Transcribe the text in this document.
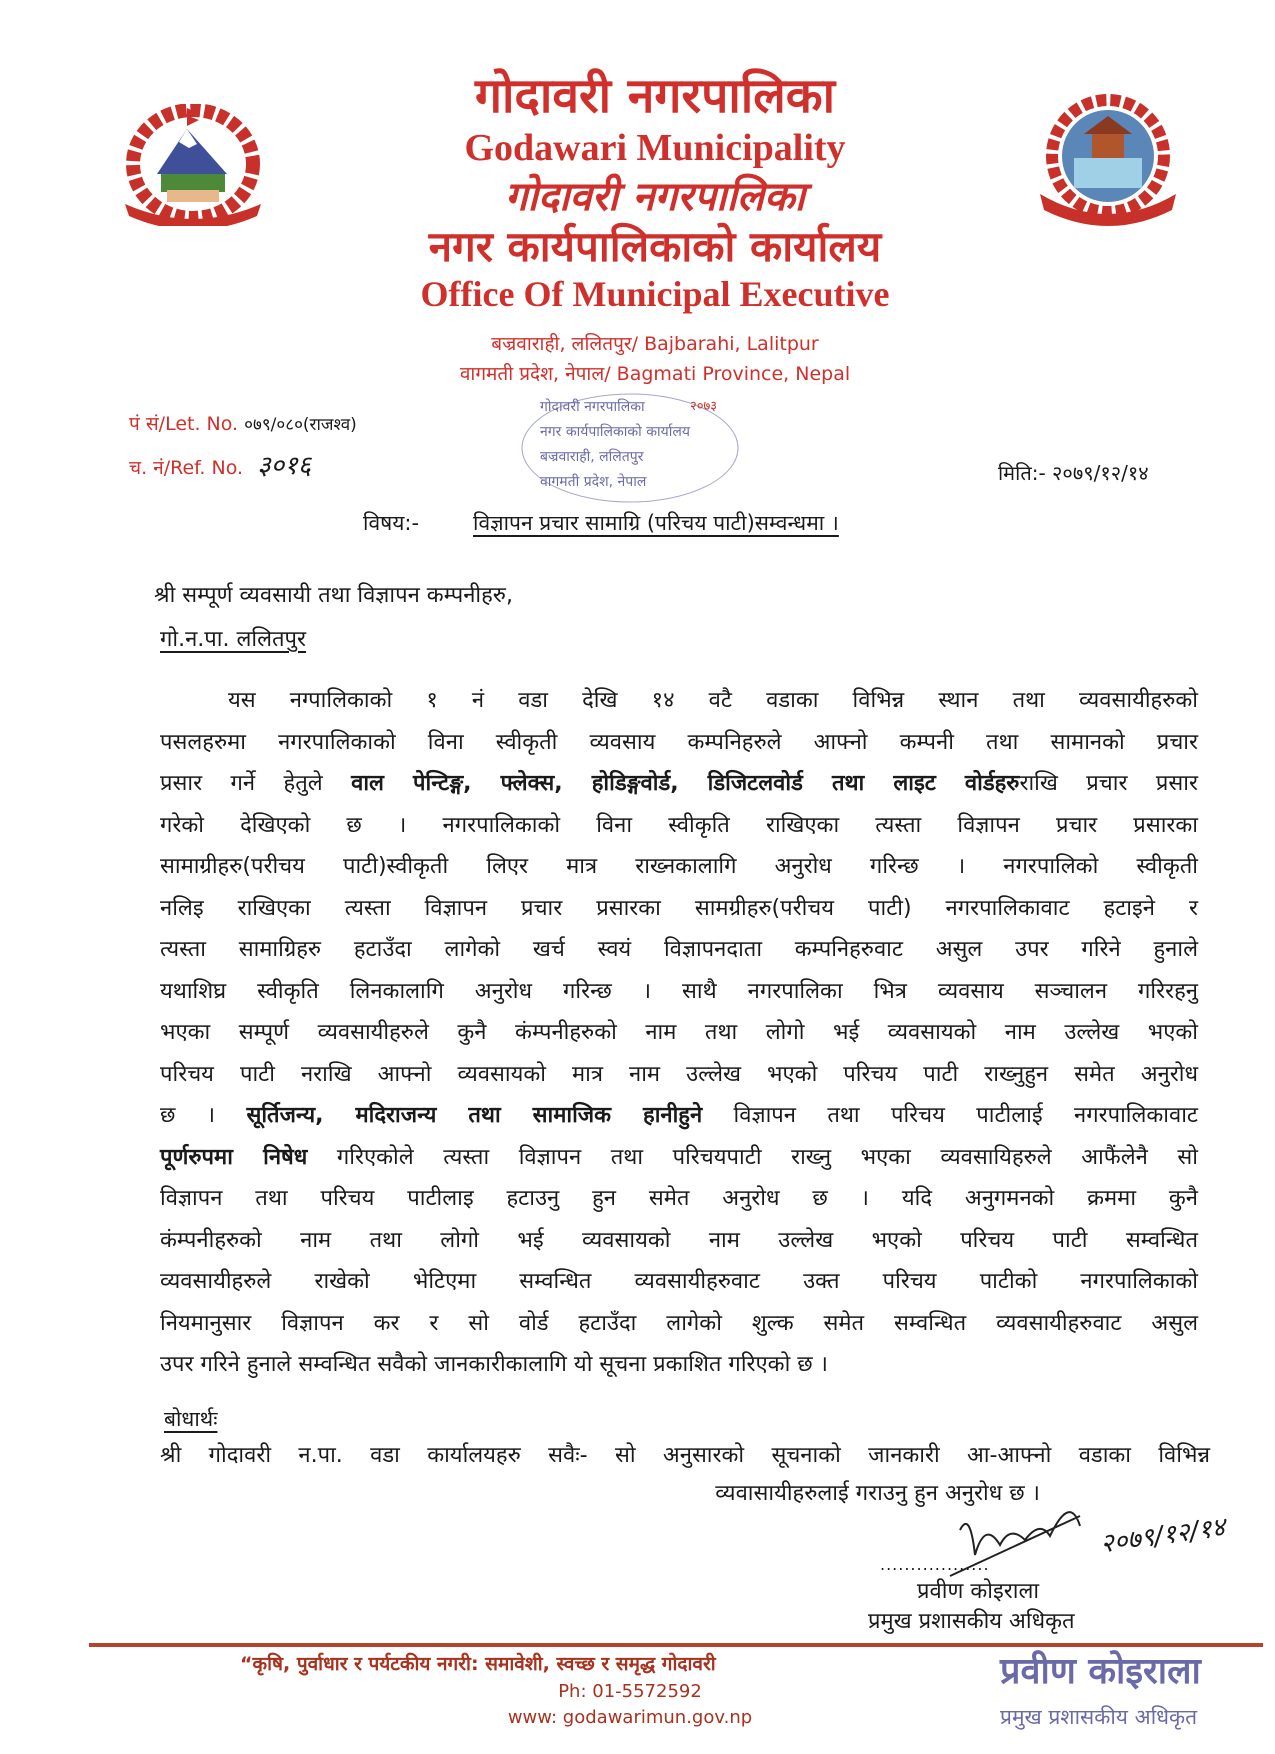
गोदावरी नगरपालिका
Godawari Municipality
गोदावरी नगरपालिका
नगर कार्यपालिकाको कार्यालय
Office Of Municipal Executive
बज्रवाराही, ललितपुर/ Bajbarahi, Lalitpur
वागमती प्रदेश, नेपाल/ Bagmati Province, Nepal
गोदावरी नगरपालिका	२०७३
नगर कार्यपालिकाको कार्यालय
बज्रवाराही, ललितपुर
वागमती प्रदेश, नेपाल
पं सं/Let. No. ०७९/०८०(राजश्व)
च. नं/Ref. No. ३०१६	मिति:- २०७९/१२/१४
विषय:-	विज्ञापन प्रचार सामाग्रि (परिचय पाटी)सम्वन्धमा ।
श्री सम्पूर्ण व्यवसायी तथा विज्ञापन कम्पनीहरु,
गो.न.पा. ललितपुर
यस नग्पालिकाको १ नं वडा देखि १४ वटै वडाका विभिन्न स्थान तथा व्यवसायीहरुको
पसलहरुमा नगरपालिकाको विना स्वीकृती व्यवसाय कम्पनिहरुले आफ्नो कम्पनी तथा सामानको प्रचार
प्रसार गर्ने हेतुले वाल पेन्टिङ्ग, फ्लेक्स, होडिङ्गवोर्ड, डिजिटलवोर्ड तथा लाइट वोर्डहरुराखि प्रचार प्रसार
गरेको देखिएको छ । नगरपालिकाको विना स्वीकृति राखिएका त्यस्ता विज्ञापन प्रचार प्रसारका
सामाग्रीहरु(परीचय पाटी)स्वीकृती लिएर मात्र राख्नकालागि अनुरोध गरिन्छ । नगरपालिको स्वीकृती
नलिइ राखिएका त्यस्ता विज्ञापन प्रचार प्रसारका सामग्रीहरु(परीचय पाटी) नगरपालिकावाट हटाइने र
त्यस्ता सामाग्रिहरु हटाउँदा लागेको खर्च स्वयं विज्ञापनदाता कम्पनिहरुवाट असुल उपर गरिने हुनाले
यथाशिघ्र स्वीकृति लिनकालागि अनुरोध गरिन्छ । साथै नगरपालिका भित्र व्यवसाय सञ्चालन गरिरहनु
भएका सम्पूर्ण व्यवसायीहरुले कुनै कंम्पनीहरुको नाम तथा लोगो भई व्यवसायको नाम उल्लेख भएको
परिचय पाटी नराखि आफ्नो व्यवसायको मात्र नाम उल्लेख भएको परिचय पाटी राख्नुहुन समेत अनुरोध
छ । सूर्तिजन्य, मदिराजन्य तथा सामाजिक हानीहुने विज्ञापन तथा परिचय पाटीलाई नगरपालिकावाट
पूर्णरुपमा निषेध गरिएकोले त्यस्ता विज्ञापन तथा परिचयपाटी राख्नु भएका व्यवसायिहरुले आफैंलेनै सो
विज्ञापन तथा परिचय पाटीलाइ हटाउनु हुन समेत अनुरोध छ । यदि अनुगमनको क्रममा कुनै
कंम्पनीहरुको नाम तथा लोगो भई व्यवसायको नाम उल्लेख भएको परिचय पाटी सम्वन्धित
व्यवसायीहरुले राखेको भेटिएमा सम्वन्धित व्यवसायीहरुवाट उक्त परिचय पाटीको नगरपालिकाको
नियमानुसार विज्ञापन कर र सो वोर्ड हटाउँदा लागेको शुल्क समेत सम्वन्धित व्यवसायीहरुवाट असुल
उपर गरिने हुनाले सम्वन्धित सवैको जानकारीकालागि यो सूचना प्रकाशित गरिएको छ ।
बोधार्थः
श्री गोदावरी न.पा. वडा कार्यालयहरु सवैः- सो अनुसारको सूचनाको जानकारी आ-आफ्नो वडाका विभिन्न
व्यवासायीहरुलाई गराउनु हुन अनुरोध छ ।
२०७९/१२/१४
..................
प्रवीण कोइराला
प्रमुख प्रशासकीय अधिकृत
“कृषि, पुर्वाधार र पर्यटकीय नगरी: समावेशी, स्वच्छ र समृद्ध गोदावरी
Ph: 01-5572592
www: godawarimun.gov.np
प्रवीण कोइराला
प्रमुख प्रशासकीय अधिकृत
